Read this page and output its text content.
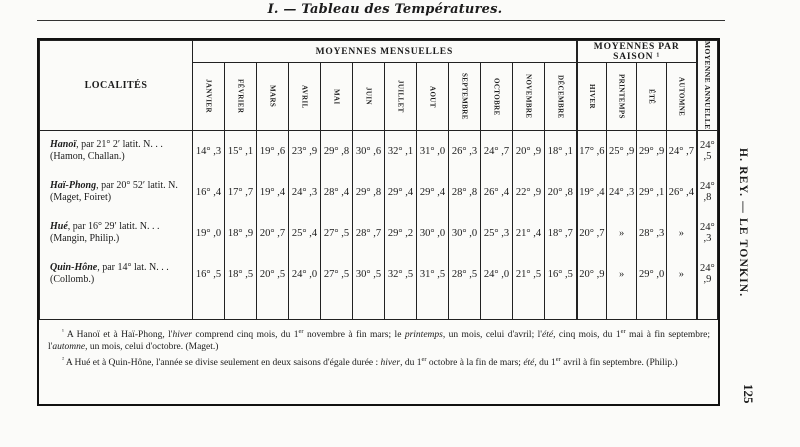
I. — Tableau des Températures.
LOCALITÉS	MOYENNES MENSUELLES												MOYENNES PAR SAISON ¹				MOYENNE ANNUELLE

	JANVIER	FÉVRIER	MARS	AVRIL	MAI	JUIN	JUILLET	AOUT	SEPTEMBRE	OCTOBRE	NOVEMBRE	DÉCEMBRE	HIVER	PRINTEMPS	ÉTÉ	AUTOMNE	

Hanoï, par 21° 2′ latit. N. . .
(Hamon, Challan.)	14° ,3	15° ,1	19° ,6	23° ,9	29° ,8	30° ,6	32° ,1	31° ,0	26° ,3	24° ,7	20° ,9	18° ,1	17° ,6	25° ,9	29° ,9	24° ,7	24° ,5
Haï-Phong, par 20° 52′ latit. N.
(Maget, Foiret)	16° ,4	17° ,7	19° ,4	24° ,3	28° ,4	29° ,8	29° ,4	29° ,4	28° ,8	26° ,4	22° ,9	20° ,8	19° ,4	24° ,3	29° ,1	26° ,4	24° ,8
Hué, par 16° 29′ latit. N. . .
(Mangin, Philip.)	19° ,0	18° ,9	20° ,7	25° ,4	27° ,5	28° ,7	29° ,2	30° ,0	30° ,0	25° ,3	21° ,4	18° ,7	20° ,7	»	28° ,3	»	24° ,3
Quin-Hône, par 14° lat. N. . .
(Collomb.)	16° ,5	18° ,5	20° ,5	24° ,0	27° ,5	30° ,5	32° ,5	31° ,5	28° ,5	24° ,0	21° ,5	16° ,5	20° ,9	»	29° ,0	»	24° ,9

$^{^1}$ A Hanoï et à Haï-Phong, l'hiver comprend cinq mois, du 1er novembre à fin mars; le printemps, un mois, celui d'avril; l'été, cinq mois, du 1er mai à fin septembre; l'automne, un mois, celui d'octobre. (Maget.)

$^{^2}$ A Hué et à Quin-Hône, l'année se divise seulement en deux saisons d'égale durée : hiver, du 1er octobre à la fin de mars; été, du 1er avril à fin septembre. (Philip.)

H. REY. — LE TONKIN.
125
